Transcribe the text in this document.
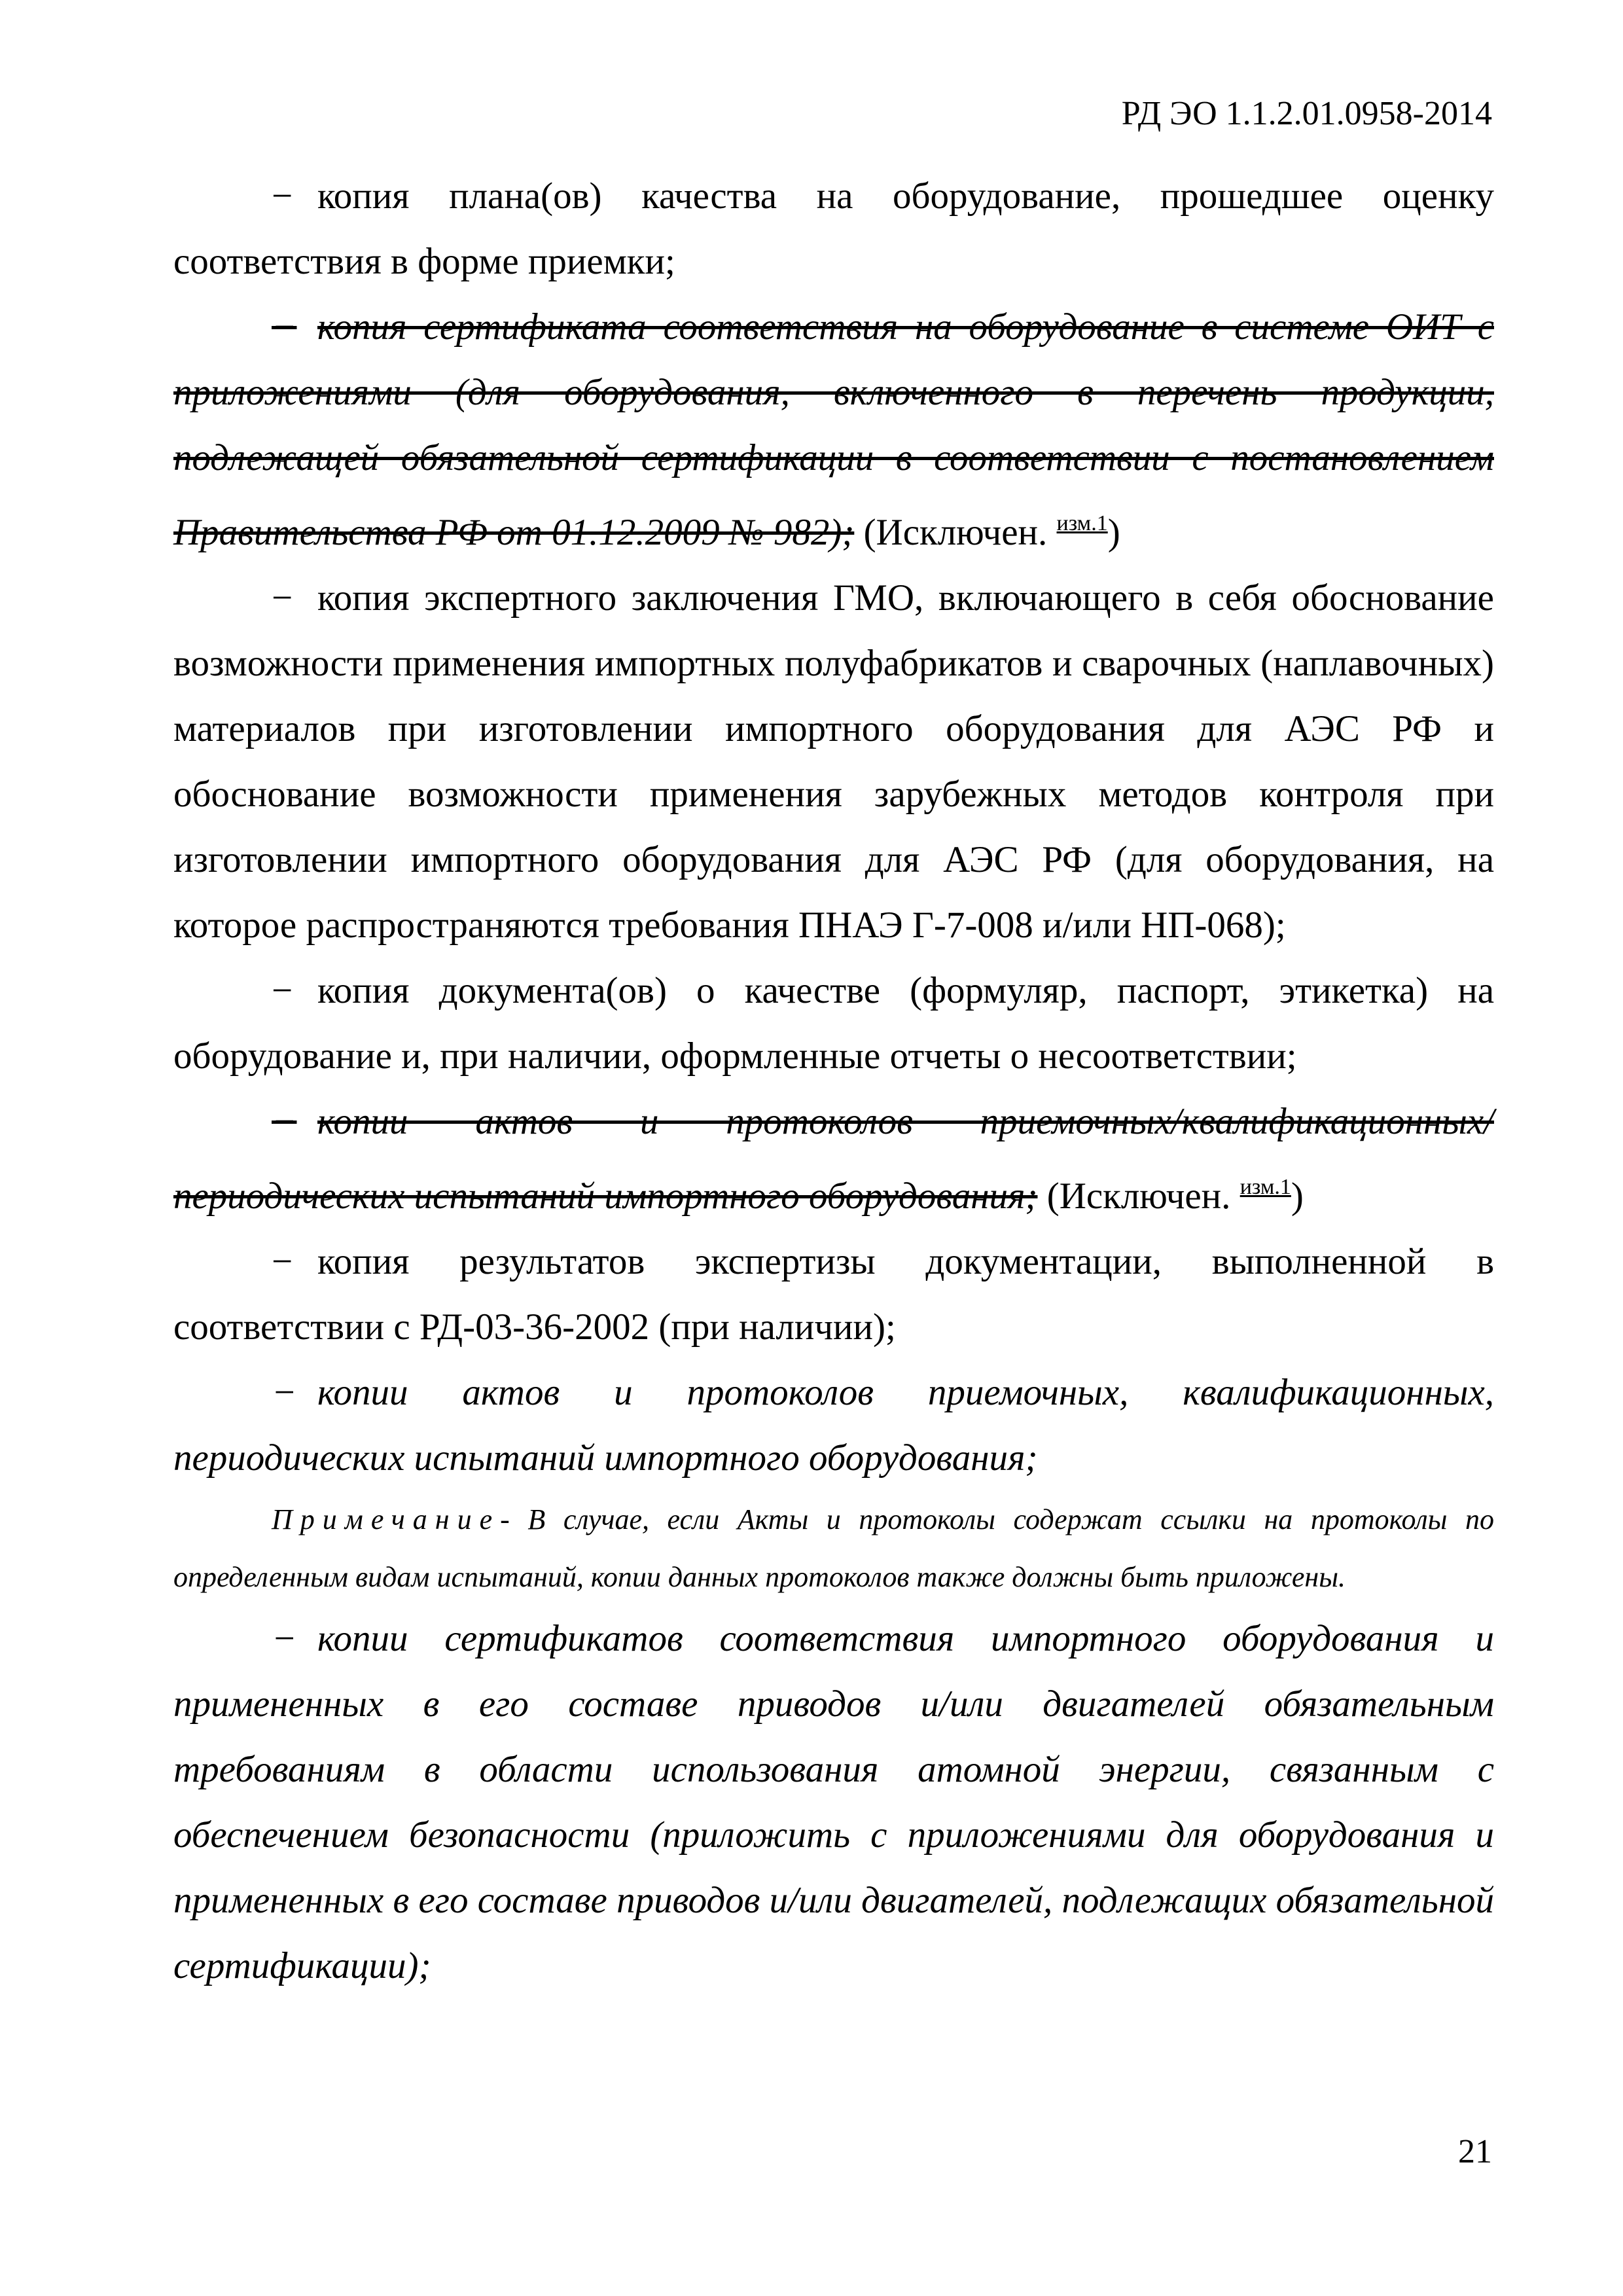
РД ЭО 1.1.2.01.0958-2014

− копия плана(ов) качества на оборудование, прошедшее оценку соответствия в форме приемки;

− копия сертификата соответствия на оборудование в системе ОИТ с приложениями (для оборудования, включенного в перечень продукции, подлежащей обязательной сертификации в соответствии с постановлением Правительства РФ от 01.12.2009 № 982); (Исключен. $^{изм.1}$)

− копия экспертного заключения ГМО, включающего в себя обоснование возможности применения импортных полуфабрикатов и сварочных (наплавочных) материалов при изготовлении импортного оборудования для АЭС РФ и обоснование возможности применения зарубежных методов контроля при изготовлении импортного оборудования для АЭС РФ (для оборудования, на которое распространяются требования ПНАЭ Г-7-008 и/или НП-068);

− копия документа(ов) о качестве (формуляр, паспорт, этикетка) на оборудование и, при наличии, оформленные отчеты о несоответствии;

− копии актов и протоколов приемочных/квалификационных/ периодических испытаний импортного оборудования; (Исключен. $^{изм.1}$)

− копия результатов экспертизы документации, выполненной в соответствии с РД-03-36-2002 (при наличии);

− копии актов и протоколов приемочных, квалификационных, периодических испытаний импортного оборудования;

Примечание- В случае, если Акты и протоколы содержат ссылки на протоколы по определенным видам испытаний, копии данных протоколов также должны быть приложены.

− копии сертификатов соответствия импортного оборудования и примененных в его составе приводов и/или двигателей обязательным требованиям в области использования атомной энергии, связанным с обеспечением безопасности (приложить с приложениями для оборудования и примененных в его составе приводов и/или двигателей, подлежащих обязательной сертификации);

21
